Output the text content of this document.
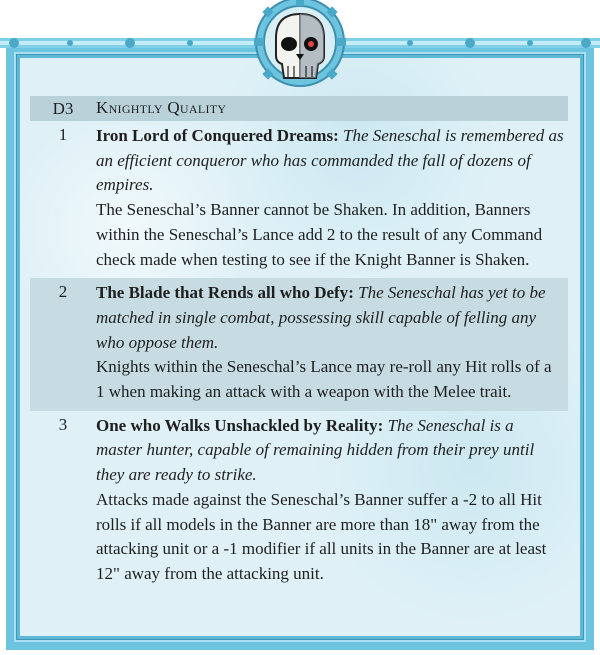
D3	Knightly Quality
1	Iron Lord of Conquered Dreams: The Seneschal is remembered as an efficient conqueror who has commanded the fall of dozens of empires.

The Seneschal’s Banner cannot be Shaken. In addition, Banners within the Seneschal’s Lance add 2 to the result of any Command check made when testing to see if the Knight Banner is Shaken.

2	The Blade that Rends all who Defy: The Seneschal has yet to be matched in single combat, possessing skill capable of felling any who oppose them.

Knights within the Seneschal’s Lance may re-roll any Hit rolls of a 1 when making an attack with a weapon with the Melee trait.

3	One who Walks Unshackled by Reality: The Seneschal is a master hunter, capable of remaining hidden from their prey until they are ready to strike.

Attacks made against the Seneschal’s Banner suffer a -2 to all Hit rolls if all models in the Banner are more than 18" away from the attacking unit or a -1 modifier if all units in the Banner are at least 12" away from the attacking unit.
